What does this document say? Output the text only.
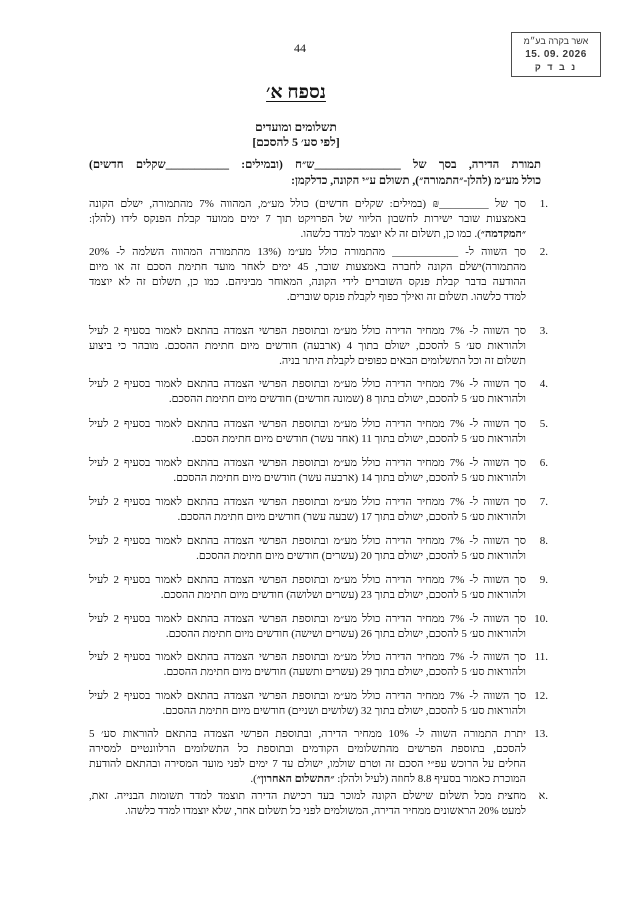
44	אשר בקרה בע״מ
15. 09. 2026
נ ב ד ק
נספח א׳
תשלומים ומועדים
[לפי סע׳ 5 להסכם]
תמורת הדירה, בסך של _______________ש״ח (ובמילים: ___________שקלים חדשים)
כולל מע״מ (להלן-״התמורה״), תשולם ע״י הקונה, כדלקמן:
1.
סך של _________₪ (במילים: שקלים חדשים) כולל מע״מ, המהווה 7% מהתמורה, ישלם הקונה
באמצעות שובר ישירות לחשבון הליווי של הפרויקט תוך 7 ימים ממועד קבלת הפנקס לידו (להלן:
״המקדמה״). כמו כן, תשלום זה לא יוצמד למדד כלשהו.
2.
סך השווה ל- ____________ מהתמורה כולל מע״מ (13% מהתמורה המהווה השלמה ל- 20%
מהתמורה)ישלם הקונה לחברה באמצעות שובר, 45 ימים לאחר מועד חתימת הסכם זה או מיום
ההודעה בדבר קבלת פנקס השוברים לידי הקונה, המאוחר מביניהם. כמו כן, תשלום זה לא יוצמד
למדד כלשהו. תשלום זה ואילך כפוף לקבלת פנקס שוברים.
3.
סך השווה ל- 7% ממחיר הדירה כולל מע״מ ובתוספת הפרשי הצמדה בהתאם לאמור בסעיף 2 לעיל
ולהוראות סע׳ 5 להסכם, ישולם בתוך 4 (ארבעה) חודשים מיום חתימת ההסכם. מובהר כי ביצוע
תשלום זה וכל התשלומים הבאים כפופים לקבלת היתר בניה.
4.
סך השווה ל- 7% ממחיר הדירה כולל מע״מ ובתוספת הפרשי הצמדה בהתאם לאמור בסעיף 2 לעיל
ולהוראות סע׳ 5 להסכם, ישולם בתוך 8 (שמונה חודשים) חודשים מיום חתימת ההסכם.
5.
סך השווה ל- 7% ממחיר הדירה כולל מע״מ ובתוספת הפרשי הצמדה בהתאם לאמור בסעיף 2 לעיל
ולהוראות סע׳ 5 להסכם, ישולם בתוך 11 (אחד עשר) חודשים מיום חתימת הסכם.
6.
סך השווה ל- 7% ממחיר הדירה כולל מע״מ ובתוספת הפרשי הצמדה בהתאם לאמור בסעיף 2 לעיל
ולהוראות סע׳ 5 להסכם, ישולם בתוך 14 (ארבעה עשר) חודשים מיום חתימת ההסכם.
7.
סך השווה ל- 7% ממחיר הדירה כולל מע״מ ובתוספת הפרשי הצמדה בהתאם לאמור בסעיף 2 לעיל
ולהוראות סע׳ 5 להסכם, ישולם בתוך 17 (שבעה עשר) חודשים מיום חתימת ההסכם.
8.
סך השווה ל- 7% ממחיר הדירה כולל מע״מ ובתוספת הפרשי הצמדה בהתאם לאמור בסעיף 2 לעיל
ולהוראות סע׳ 5 להסכם, ישולם בתוך 20 (עשרים) חודשים מיום חתימת ההסכם.
9.
סך השווה ל- 7% ממחיר הדירה כולל מע״מ ובתוספת הפרשי הצמדה בהתאם לאמור בסעיף 2 לעיל
ולהוראות סע׳ 5 להסכם, ישולם בתוך 23 (עשרים ושלושה) חודשים מיום חתימת ההסכם.
10.
סך השווה ל- 7% ממחיר הדירה כולל מע״מ ובתוספת הפרשי הצמדה בהתאם לאמור בסעיף 2 לעיל
ולהוראות סע׳ 5 להסכם, ישולם בתוך 26 (עשרים ושישה) חודשים מיום חתימת ההסכם.
11.
סך השווה ל- 7% ממחיר הדירה כולל מע״מ ובתוספת הפרשי הצמדה בהתאם לאמור בסעיף 2 לעיל
ולהוראות סע׳ 5 להסכם, ישולם בתוך 29 (עשרים ותשעה) חודשים מיום חתימת ההסכם.
12.
סך השווה ל- 7% ממחיר הדירה כולל מע״מ ובתוספת הפרשי הצמדה בהתאם לאמור בסעיף 2 לעיל
ולהוראות סע׳ 5 להסכם, ישולם בתוך 32 (שלושים ושניים) חודשים מיום חתימת ההסכם.
13.
יתרת התמורה השווה ל- 10% ממחיר הדירה, ובתוספת הפרשי הצמדה בהתאם להוראות סע׳ 5
להסכם, בתוספת הפרשים מהתשלומים הקודמים ובתוספת כל התשלומים הרלוונטיים למסירה
החלים על הרוכש עפ״י הסכם זה וטרם שולמו, ישולם עד 7 ימים לפני מועד המסירה ובהתאם להודעת
המוכרת כאמור בסעיף 8.8 לחוזה (לעיל ולהלן: ״התשלום האחרון״).
א.
מחצית מכל תשלום שישלם הקונה למוכר בעד רכישת הדירה תוצמד למדד תשומות הבנייה. זאת,
למעט 20% הראשונים ממחיר הדירה, המשולמים לפני כל תשלום אחר, שלא יוצמדו למדד כלשהו.
